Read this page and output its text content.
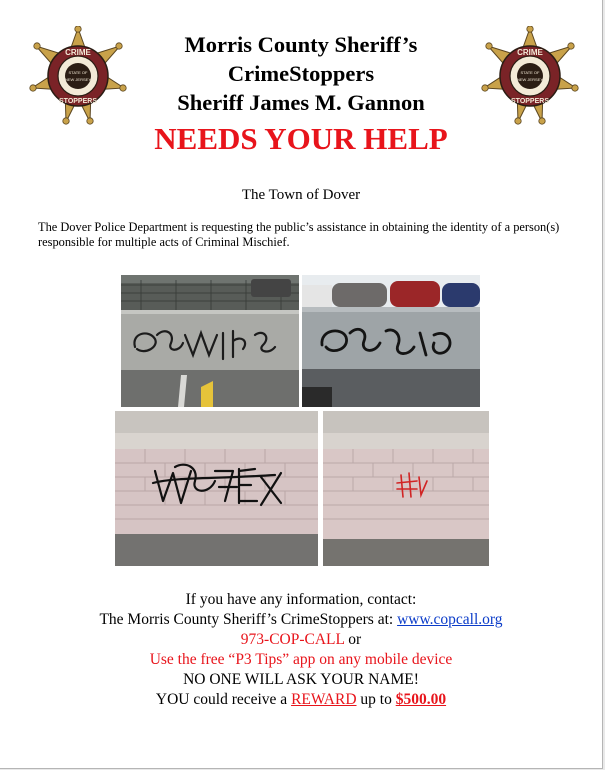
CRIME
STOPPERS
STATE OF
NEW JERSEY
CRIME
STOPPERS
STATE OF
NEW JERSEY
Morris County Sheriff’s
CrimeStoppers
Sheriff James M. Gannon
NEEDS YOUR HELP
The Town of Dover
The Dover Police Department is requesting the public’s assistance in obtaining the identity of a person(s) responsible for multiple acts of Criminal Mischief.
If you have any information, contact:
The Morris County Sheriff’s CrimeStoppers at: www.copcall.org
973-COP-CALL or
Use the free “P3 Tips” app on any mobile device
NO ONE WILL ASK YOUR NAME!
YOU could receive a REWARD up to $500.00
